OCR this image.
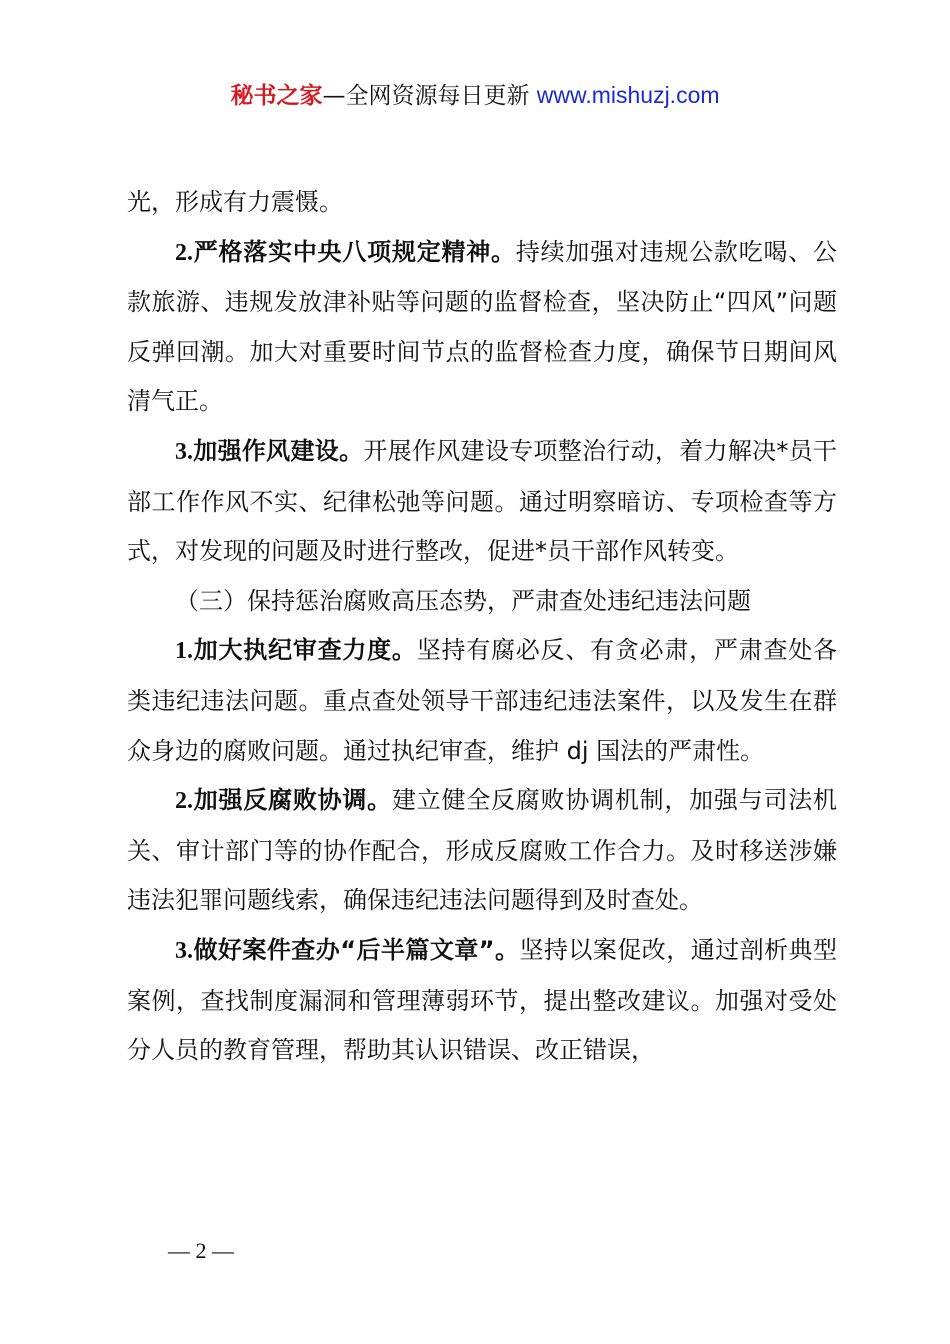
秘书之家—全网资源每日更新 www.mishuzj.com

光，形成有力震慑。

2.严格落实中央八项规定精神。持续加强对违规公款吃喝、公款旅游、违规发放津补贴等问题的监督检查，坚决防止“四风”问题反弹回潮。加大对重要时间节点的监督检查力度，确保节日期间风清气正。

3.加强作风建设。开展作风建设专项整治行动，着力解决*员干部工作作风不实、纪律松弛等问题。通过明察暗访、专项检查等方式，对发现的问题及时进行整改，促进*员干部作风转变。

（三）保持惩治腐败高压态势，严肃查处违纪违法问题

1.加大执纪审查力度。坚持有腐必反、有贪必肃，严肃查处各类违纪违法问题。重点查处领导干部违纪违法案件，以及发生在群众身边的腐败问题。通过执纪审查，维护 dj 国法的严肃性。

2.加强反腐败协调。建立健全反腐败协调机制，加强与司法机关、审计部门等的协作配合，形成反腐败工作合力。及时移送涉嫌违法犯罪问题线索，确保违纪违法问题得到及时查处。

3.做好案件查办“后半篇文章”。坚持以案促改，通过剖析典型案例，查找制度漏洞和管理薄弱环节，提出整改建议。加强对受处分人员的教育管理，帮助其认识错误、改正错误，

— 2 —
